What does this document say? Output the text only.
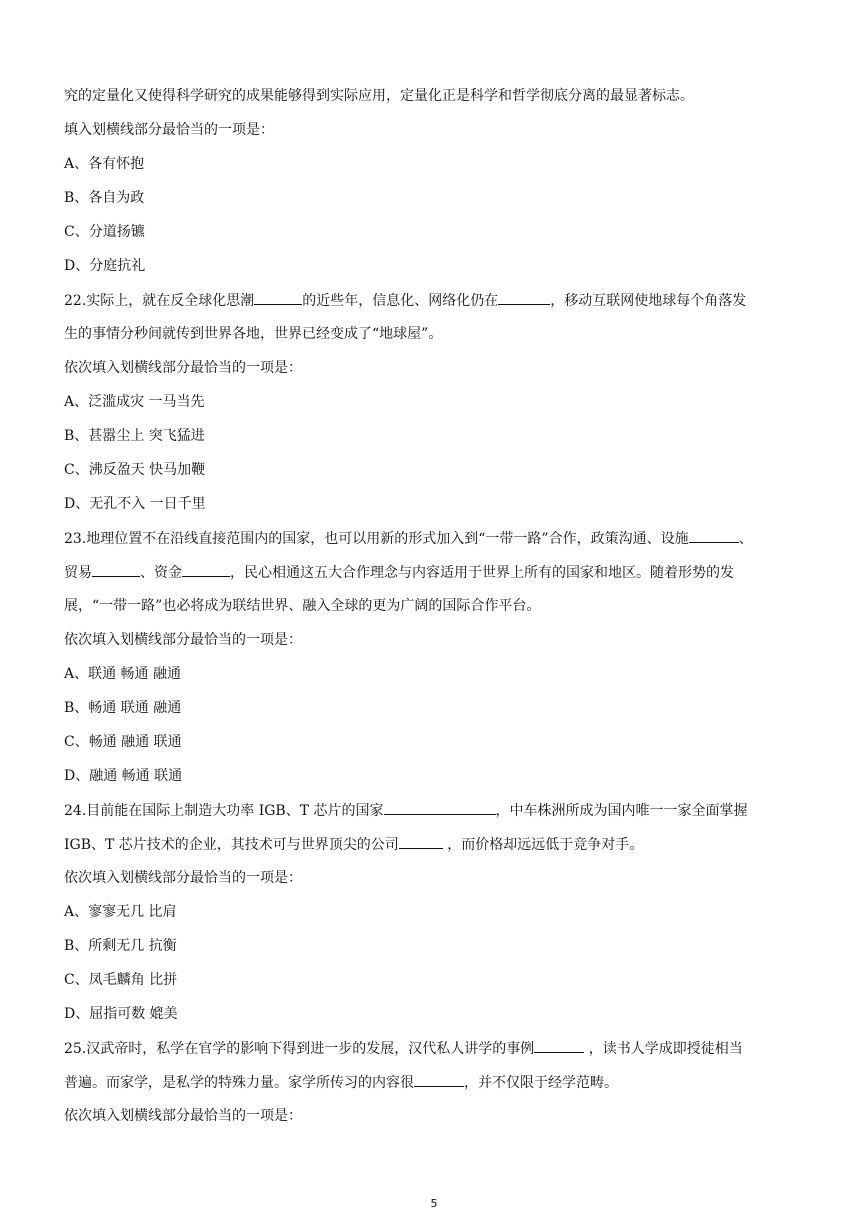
究的定量化又使得科学研究的成果能够得到实际应用，定量化正是科学和哲学彻底分离的最显著标志。
填入划横线部分最恰当的一项是：
A、各有怀抱
B、各自为政
C、分道扬镳
D、分庭抗礼
22.实际上，就在反全球化思潮	的近些年，信息化、网络化仍在	，移动互联网使地球每个角落发
生的事情分秒间就传到世界各地，世界已经变成了“地球屋”。
依次填入划横线部分最恰当的一项是：
A、泛滥成灾 一马当先
B、甚嚣尘上 突飞猛进
C、沸反盈天 快马加鞭
D、无孔不入 一日千里
23.地理位置不在沿线直接范围内的国家，也可以用新的形式加入到“一带一路”合作，政策沟通、设施	、
贸易	、资金	，民心相通这五大合作理念与内容适用于世界上所有的国家和地区。随着形势的发
展，“一带一路”也必将成为联结世界、融入全球的更为广阔的国际合作平台。
依次填入划横线部分最恰当的一项是：
A、联通 畅通 融通
B、畅通 联通 融通
C、畅通 融通 联通
D、融通 畅通 联通
24.目前能在国际上制造大功率 IGB、T 芯片的国家	，中车株洲所成为国内唯一一家全面掌握
IGB、T 芯片技术的企业，其技术可与世界顶尖的公司	，而价格却远远低于竞争对手。
依次填入划横线部分最恰当的一项是：
A、寥寥无几 比肩
B、所剩无几 抗衡
C、凤毛麟角 比拼
D、屈指可数 媲美
25.汉武帝时，私学在官学的影响下得到进一步的发展，汉代私人讲学的事例	，读书人学成即授徒相当
普遍。而家学，是私学的特殊力量。家学所传习的内容很	，并不仅限于经学范畴。
依次填入划横线部分最恰当的一项是：
5
